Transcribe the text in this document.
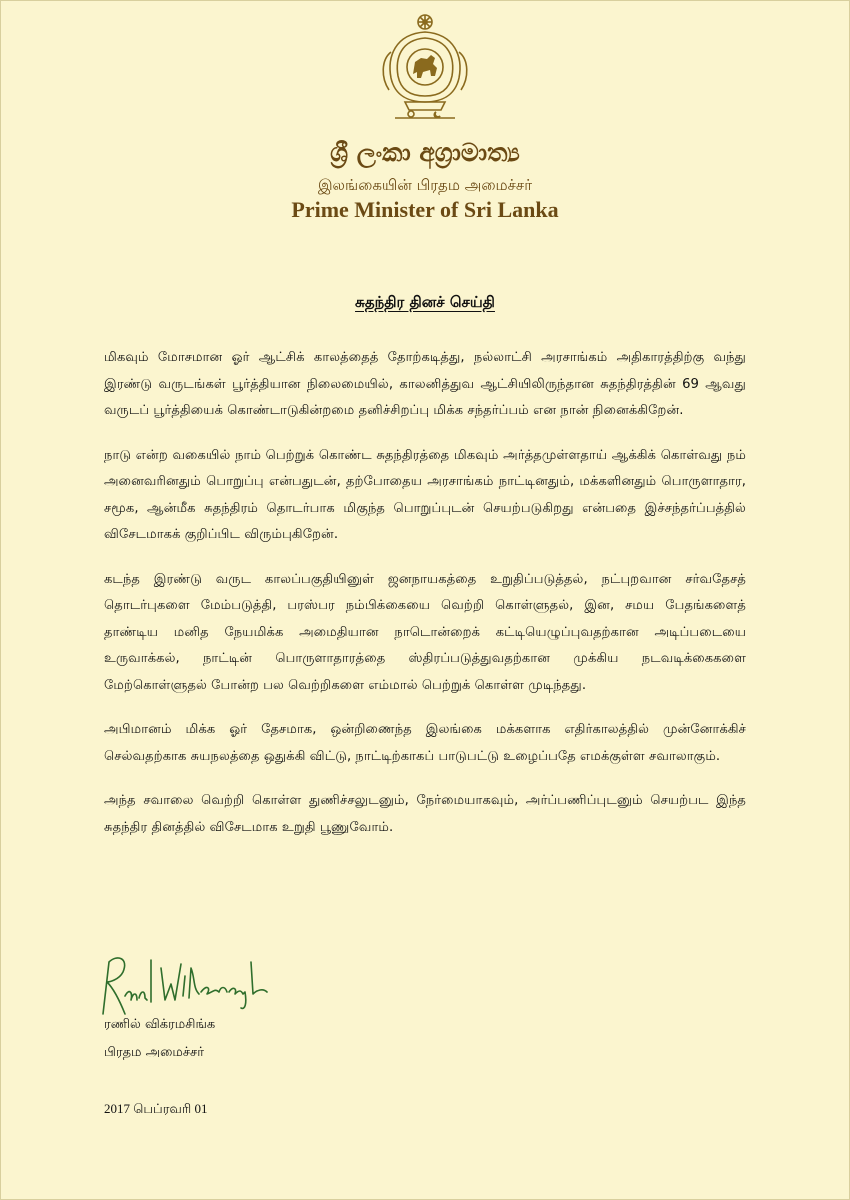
ශ්‍රී ලංකා අග්‍රාමාත්‍ය
இலங்கையின் பிரதம அமைச்சர்
Prime Minister of Sri Lanka
சுதந்திர தினச் செய்தி

மிகவும் மோசமான ஓர் ஆட்சிக் காலத்தைத் தோற்கடித்து, நல்லாட்சி அரசாங்கம் அதிகாரத்திற்கு வந்து இரண்டு வருடங்கள் பூர்த்தியான நிலைமையில், காலனித்துவ ஆட்சியிலிருந்தான சுதந்திரத்தின் 69 ஆவது வருடப் பூர்த்தியைக் கொண்டாடுகின்றமை தனிச்சிறப்பு மிக்க சந்தர்ப்பம் என நான் நினைக்கிறேன்.

நாடு என்ற வகையில் நாம் பெற்றுக் கொண்ட சுதந்திரத்தை மிகவும் அர்த்தமுள்ளதாய் ஆக்கிக் கொள்வது நம் அனைவரினதும் பொறுப்பு என்பதுடன், தற்போதைய அரசாங்கம் நாட்டினதும், மக்களினதும் பொருளாதார, சமூக, ஆன்மீக சுதந்திரம் தொடர்பாக மிகுந்த பொறுப்புடன் செயற்படுகிறது என்பதை இச்சந்தர்ப்பத்தில் விசேடமாகக் குறிப்பிட விரும்புகிறேன்.

கடந்த இரண்டு வருட காலப்பகுதியினுள் ஜனநாயகத்தை உறுதிப்படுத்தல், நட்புறவான சர்வதேசத் தொடர்புகளை மேம்படுத்தி, பரஸ்பர நம்பிக்கையை வெற்றி கொள்ளுதல், இன, சமய பேதங்களைத் தாண்டிய மனித நேயமிக்க அமைதியான நாடொன்றைக் கட்டியெழுப்புவதற்கான அடிப்படையை உருவாக்கல், நாட்டின் பொருளாதாரத்தை ஸ்திரப்படுத்துவதற்கான முக்கிய நடவடிக்கைகளை மேற்கொள்ளுதல் போன்ற பல வெற்றிகளை எம்மால் பெற்றுக் கொள்ள முடிந்தது.

அபிமானம் மிக்க ஓர் தேசமாக, ஒன்றிணைந்த இலங்கை மக்களாக எதிர்காலத்தில் முன்னோக்கிச் செல்வதற்காக சுயநலத்தை ஒதுக்கி விட்டு, நாட்டிற்காகப் பாடுபட்டு உழைப்பதே எமக்குள்ள சவாலாகும்.

அந்த சவாலை வெற்றி கொள்ள துணிச்சலுடனும், நேர்மையாகவும், அர்ப்பணிப்புடனும் செயற்பட இந்த சுதந்திர தினத்தில் விசேடமாக உறுதி பூணுவோம்.

ரணில் விக்ரமசிங்க
பிரதம அமைச்சர்
2017 பெப்ரவரி 01
